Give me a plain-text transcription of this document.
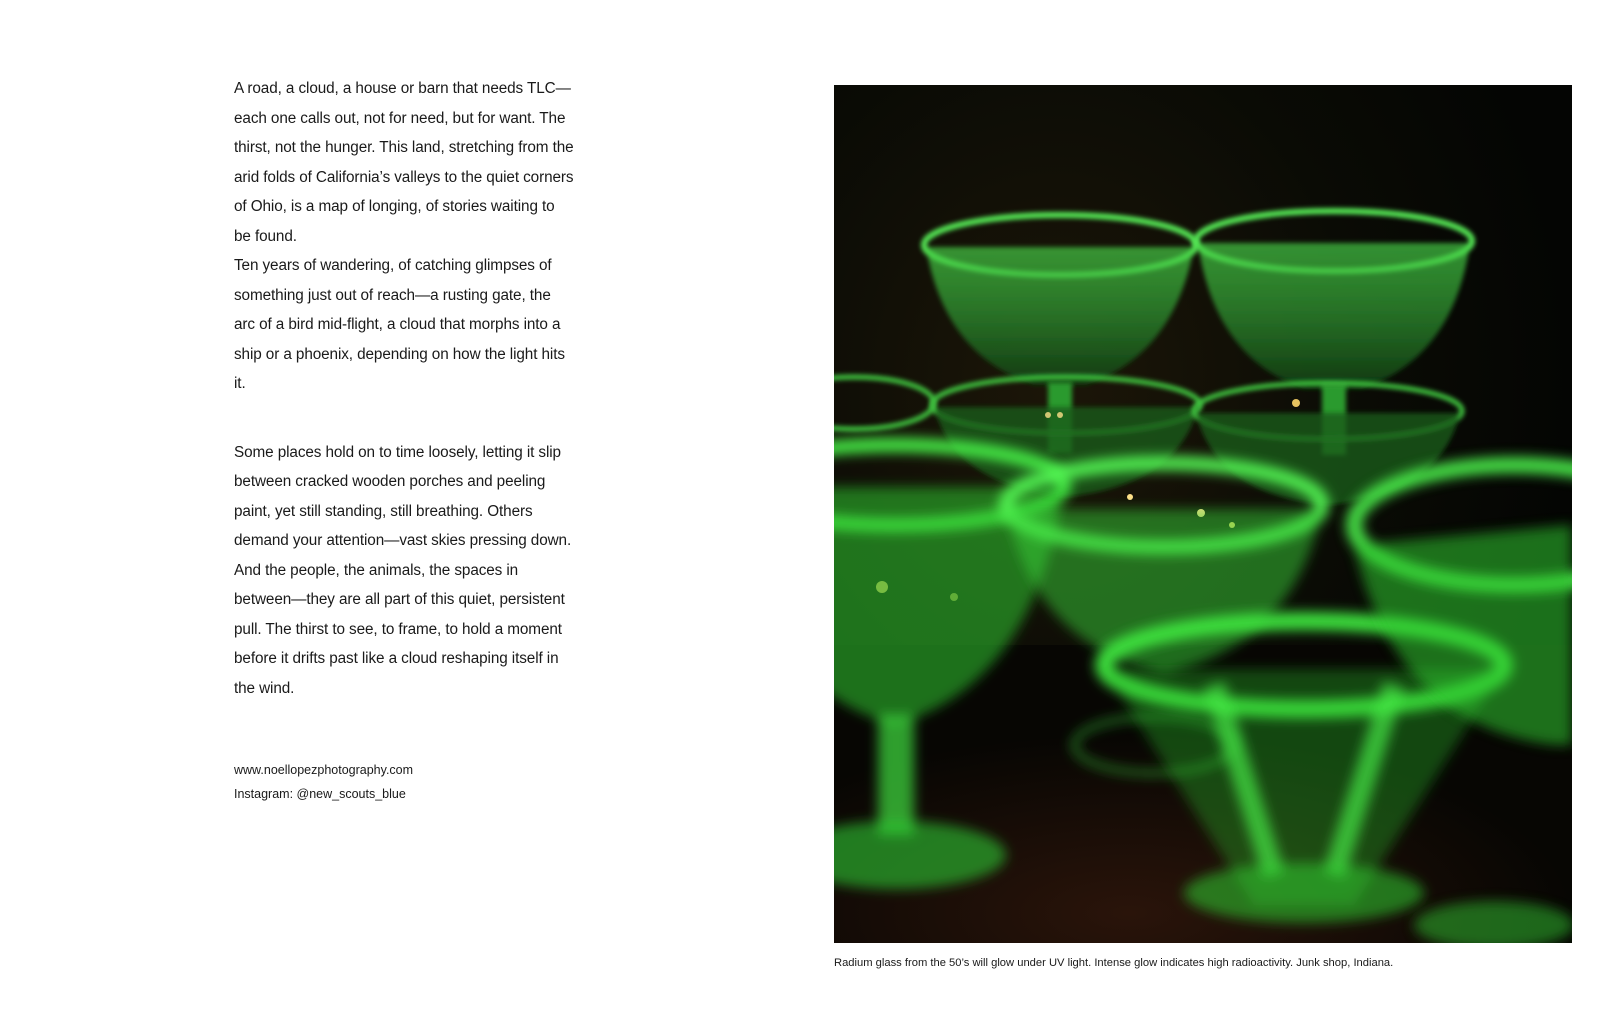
A road, a cloud, a house or barn that needs TLC—each one calls out, not for need, but for want. The thirst, not the hunger. This land, stretching from the arid folds of California’s valleys to the quiet corners of Ohio, is a map of longing, of stories waiting to be found.

Ten years of wandering, of catching glimpses of something just out of reach—a rusting gate, the arc of a bird mid-flight, a cloud that morphs into a ship or a phoenix, depending on how the light hits it.

Some places hold on to time loosely, letting it slip between cracked wooden porches and peeling paint, yet still standing, still breathing. Others demand your attention—vast skies pressing down. And the people, the animals, the spaces in between—they are all part of this quiet, persistent pull. The thirst to see, to frame, to hold a moment before it drifts past like a cloud reshaping itself in the wind.

www.noellopezphotography.com
Instagram: @new_scouts_blue
Radium glass from the 50’s will glow under UV light. Intense glow indicates high radioactivity. Junk shop, Indiana.
